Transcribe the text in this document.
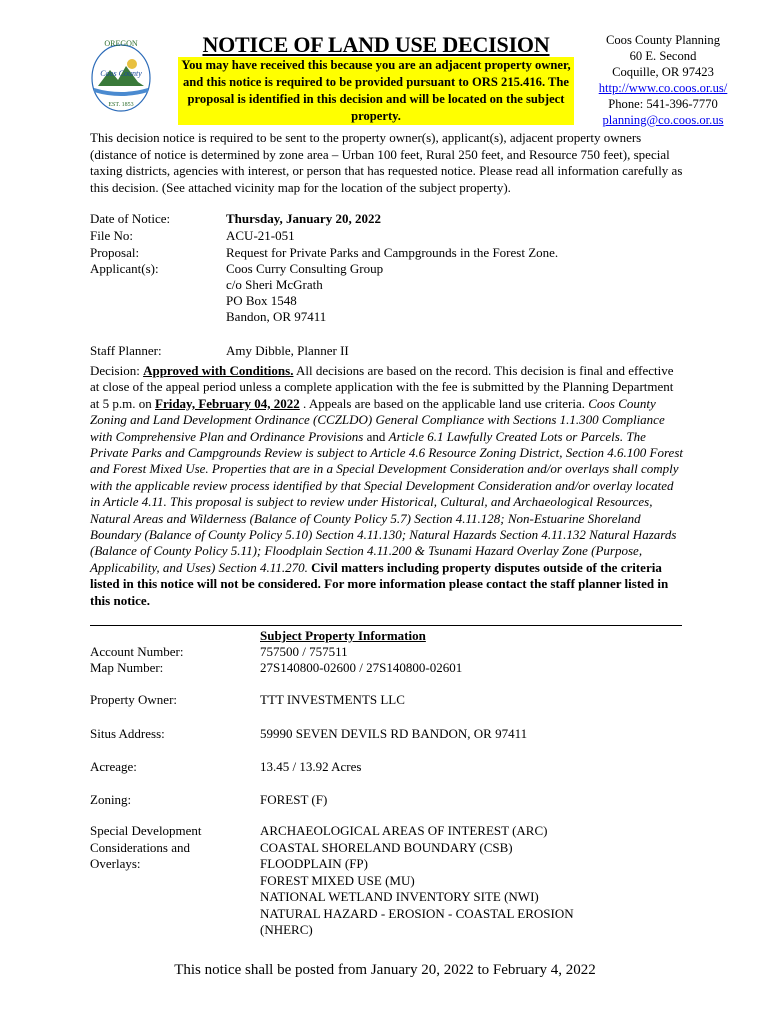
OREGON
Coos County
EST. 1853
NOTICE OF LAND USE DECISION
You may have received this because you are an adjacent property owner, and this notice is required to be provided pursuant to ORS 215.416. The proposal is identified in this decision and will be located on the subject property.
Coos County Planning
60 E. Second
Coquille, OR 97423
http://www.co.coos.or.us/
Phone: 541-396-7770
planning@co.coos.or.us
This decision notice is required to be sent to the property owner(s), applicant(s), adjacent property owners (distance of notice is determined by zone area – Urban 100 feet, Rural 250 feet, and Resource 750 feet), special taxing districts, agencies with interest, or person that has requested notice. Please read all information carefully as this decision. (See attached vicinity map for the location of the subject property).
Date of Notice:	Thursday, January 20, 2022
File No:	ACU-21-051
Proposal:	Request for Private Parks and Campgrounds in the Forest Zone.
Applicant(s):	Coos Curry Consulting Group
c/o Sheri McGrath
PO Box 1548
Bandon, OR 97411
Staff Planner:	Amy Dibble, Planner II
Decision: Approved with Conditions. All decisions are based on the record. This decision is final and effective at close of the appeal period unless a complete application with the fee is submitted by the Planning Department at 5 p.m. on Friday, February 04, 2022 . Appeals are based on the applicable land use criteria. Coos County Zoning and Land Development Ordinance (CCZLDO) General Compliance with Sections 1.1.300 Compliance with Comprehensive Plan and Ordinance Provisions and Article 6.1 Lawfully Created Lots or Parcels. The Private Parks and Campgrounds Review is subject to Article 4.6 Resource Zoning District, Section 4.6.100 Forest and Forest Mixed Use. Properties that are in a Special Development Consideration and/or overlays shall comply with the applicable review process identified by that Special Development Consideration and/or overlay located in Article 4.11. This proposal is subject to review under Historical, Cultural, and Archaeological Resources, Natural Areas and Wilderness (Balance of County Policy 5.7) Section 4.11.128; Non-Estuarine Shoreland Boundary (Balance of County Policy 5.10) Section 4.11.130; Natural Hazards Section 4.11.132 Natural Hazards (Balance of County Policy 5.11); Floodplain Section 4.11.200 & Tsunami Hazard Overlay Zone (Purpose, Applicability, and Uses) Section 4.11.270. Civil matters including property disputes outside of the criteria listed in this notice will not be considered. For more information please contact the staff planner listed in this notice.
Subject Property Information
Account Number:	757500 / 757511
Map Number:	27S140800-02600 / 27S140800-02601
Property Owner:	TTT INVESTMENTS LLC
Situs Address:	59990 SEVEN DEVILS RD BANDON, OR 97411
Acreage:	13.45 / 13.92 Acres
Zoning:	FOREST (F)
Special Development
Considerations and
Overlays:
ARCHAEOLOGICAL AREAS OF INTEREST (ARC)
COASTAL SHORELAND BOUNDARY (CSB)
FLOODPLAIN (FP)
FOREST MIXED USE (MU)
NATIONAL WETLAND INVENTORY SITE (NWI)
NATURAL HAZARD - EROSION - COASTAL EROSION
(NHERC)
This notice shall be posted from January 20, 2022 to February 4, 2022
